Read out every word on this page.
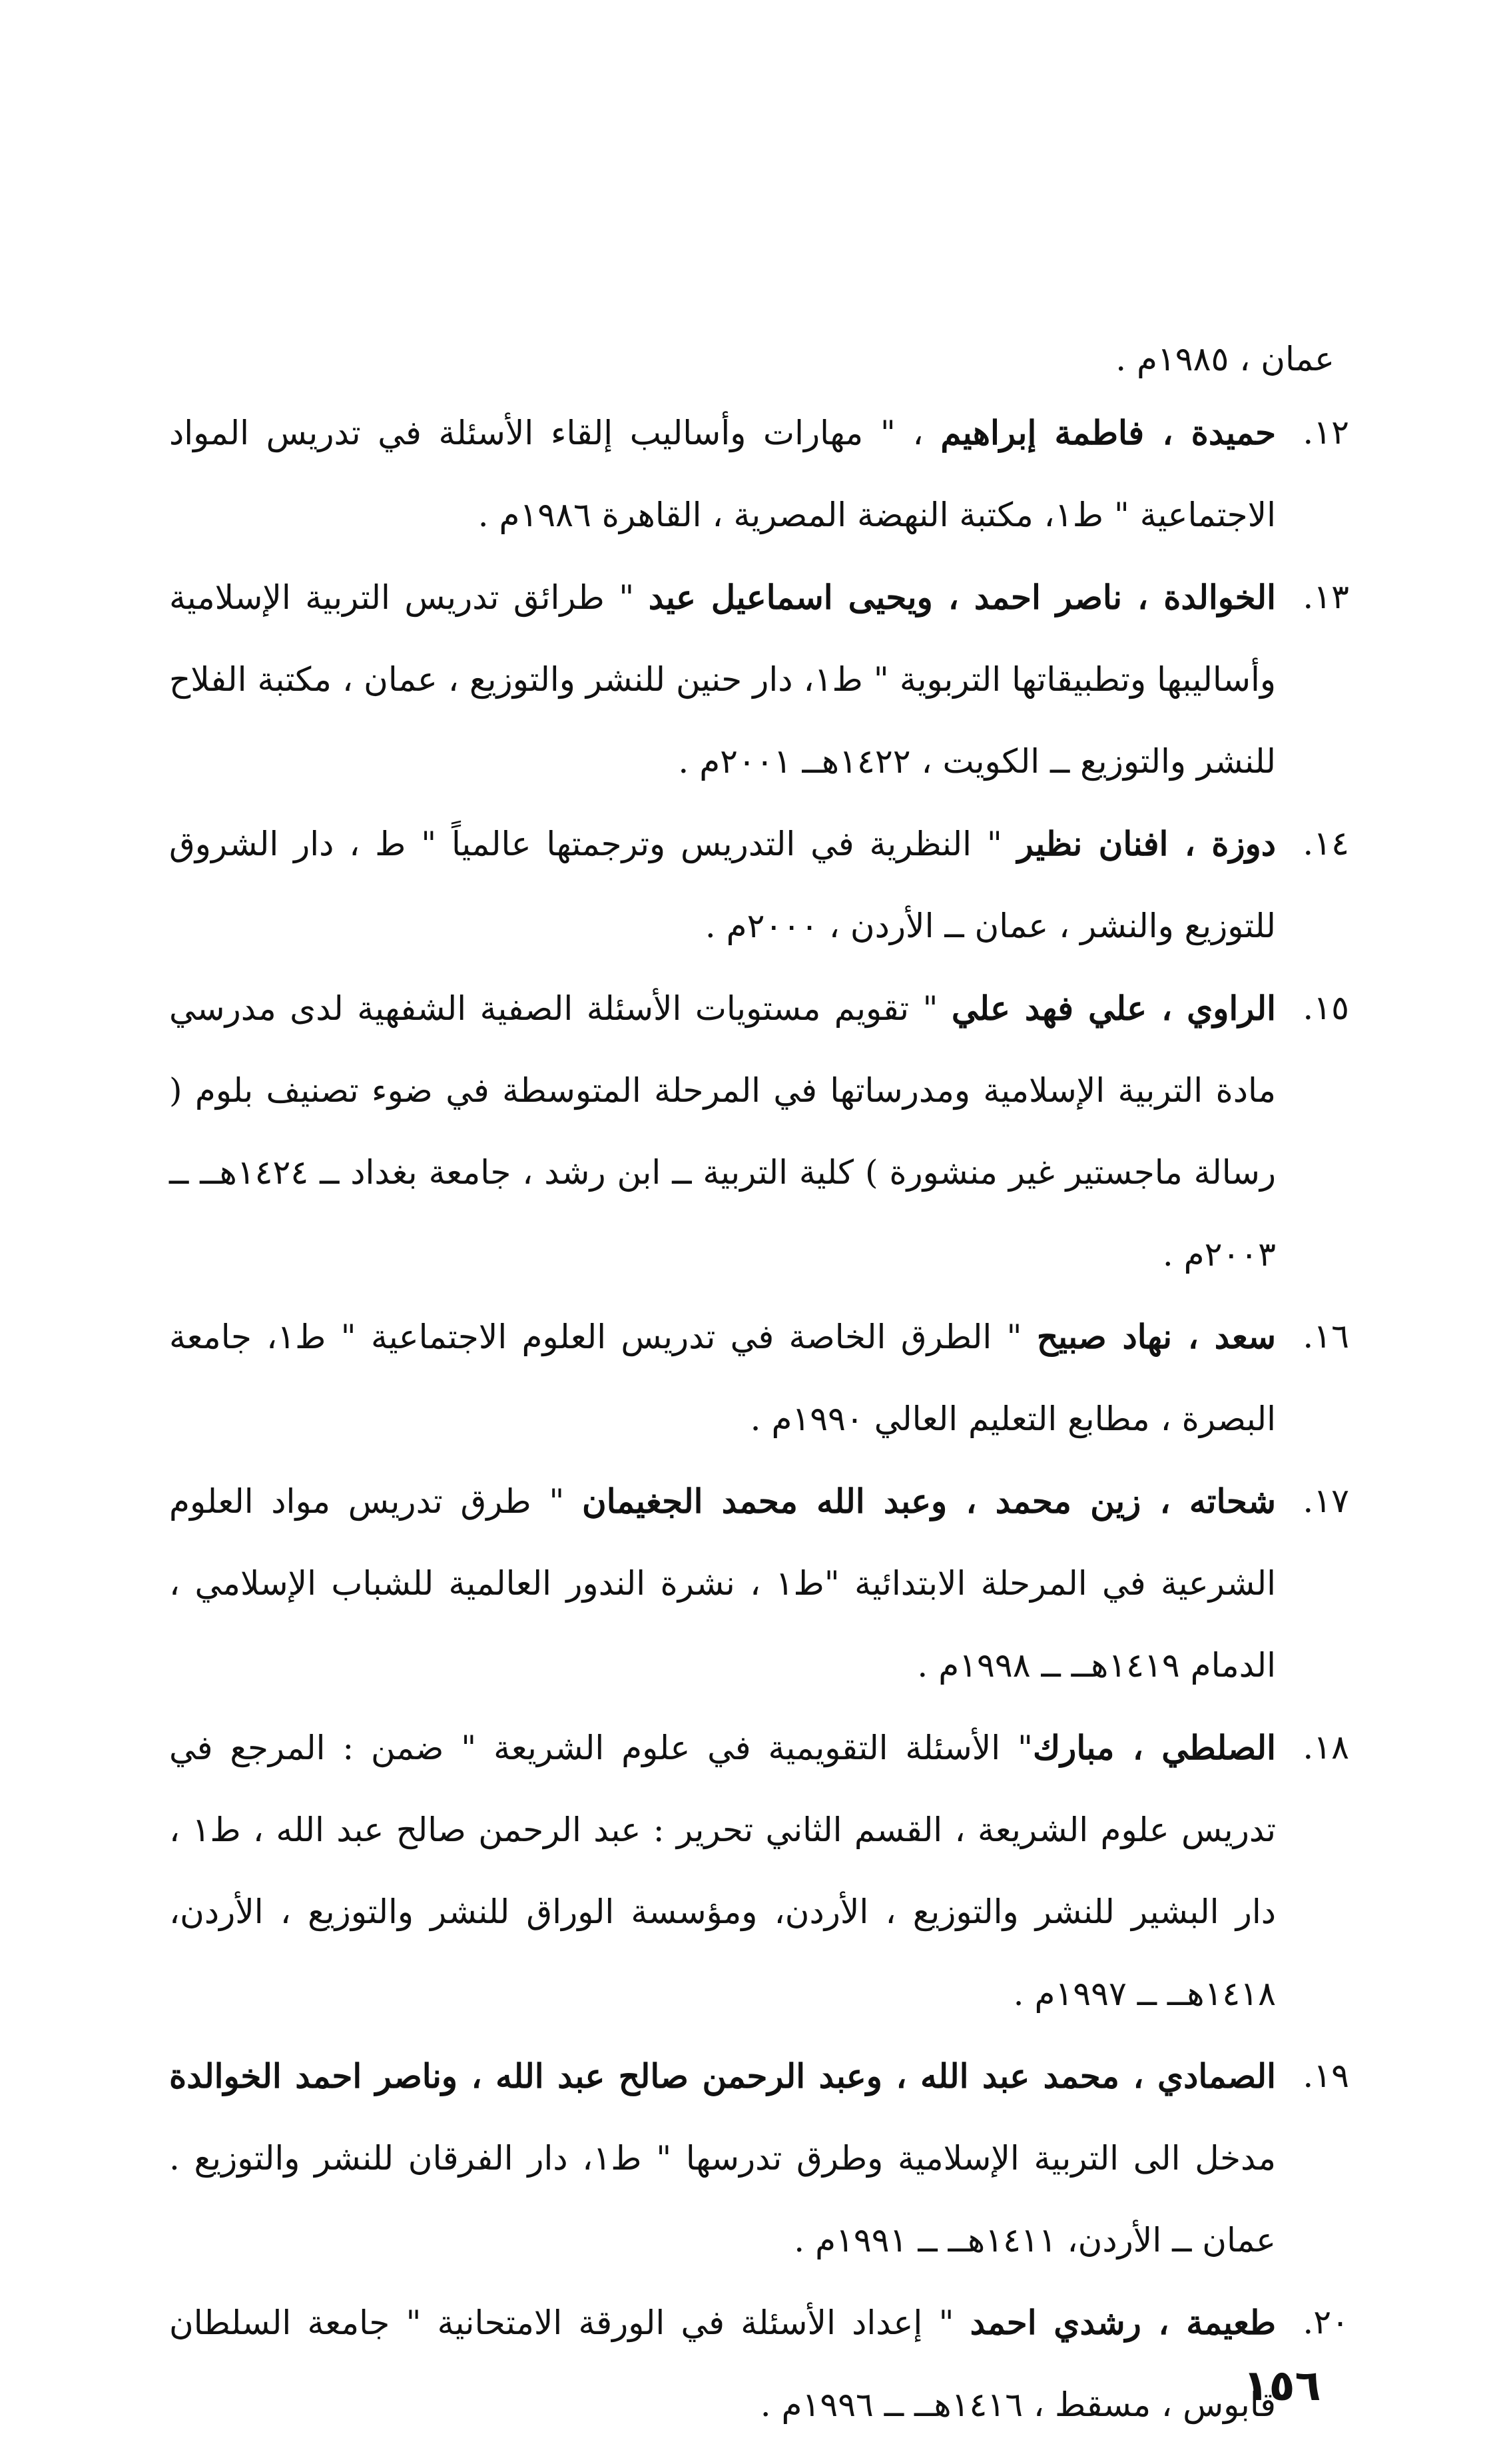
عمان ، ١٩٨٥م .
.١٢
حميدة ، فاطمة إبراهيم ، " مهارات وأساليب إلقاء الأسئلة في تدريس المواد الاجتماعية " ط١، مكتبة النهضة المصرية ، القاهرة ١٩٨٦م .
.١٣
الخوالدة ، ناصر احمد ، ويحيى اسماعيل عيد " طرائق تدريس التربية الإسلامية وأساليبها وتطبيقاتها التربوية " ط١، دار حنين للنشر والتوزيع ، عمان ، مكتبة الفلاح للنشر والتوزيع ــ الكويت ، ١٤٢٢هــ ٢٠٠١م .
.١٤
دوزة ، افنان نظير " النظرية في التدريس وترجمتها عالمياً " ط ، دار الشروق للتوزيع والنشر ، عمان ــ الأردن ، ٢٠٠٠م .
.١٥
الراوي ، علي فهد علي " تقويم مستويات الأسئلة الصفية الشفهية لدى مدرسي مادة التربية الإسلامية ومدرساتها في المرحلة المتوسطة في ضوء تصنيف بلوم ( رسالة ماجستير غير منشورة ) كلية التربية ــ ابن رشد ، جامعة بغداد ــ ١٤٢٤هــ ــ ٢٠٠٣م .
.١٦
سعد ، نهاد صبيح " الطرق الخاصة في تدريس العلوم الاجتماعية " ط١، جامعة البصرة ، مطابع التعليم العالي ١٩٩٠م .
.١٧
شحاته ، زين محمد ، وعبد الله محمد الجغيمان " طرق تدريس مواد العلوم الشرعية في المرحلة الابتدائية "ط١ ، نشرة الندور العالمية للشباب الإسلامي ، الدمام ١٤١٩هــ ــ ١٩٩٨م .
.١٨
الصلطي ، مبارك" الأسئلة التقويمية في علوم الشريعة " ضمن : المرجع في تدريس علوم الشريعة ، القسم الثاني تحرير : عبد الرحمن صالح عبد الله ، ط١ ، دار البشير للنشر والتوزيع ، الأردن، ومؤسسة الوراق للنشر والتوزيع ، الأردن، ١٤١٨هــ ــ ١٩٩٧م .
.١٩
الصمادي ، محمد عبد الله ، وعبد الرحمن صالح عبد الله ، وناصر احمد الخوالدة مدخل الى التربية الإسلامية وطرق تدرسها " ط١، دار الفرقان للنشر والتوزيع . عمان ــ الأردن، ١٤١١هــ ــ ١٩٩١م .
.٢٠
طعيمة ، رشدي احمد " إعداد الأسئلة في الورقة الامتحانية " جامعة السلطان قابوس ، مسقط ، ١٤١٦هــ ــ ١٩٩٦م .
١٥٦
